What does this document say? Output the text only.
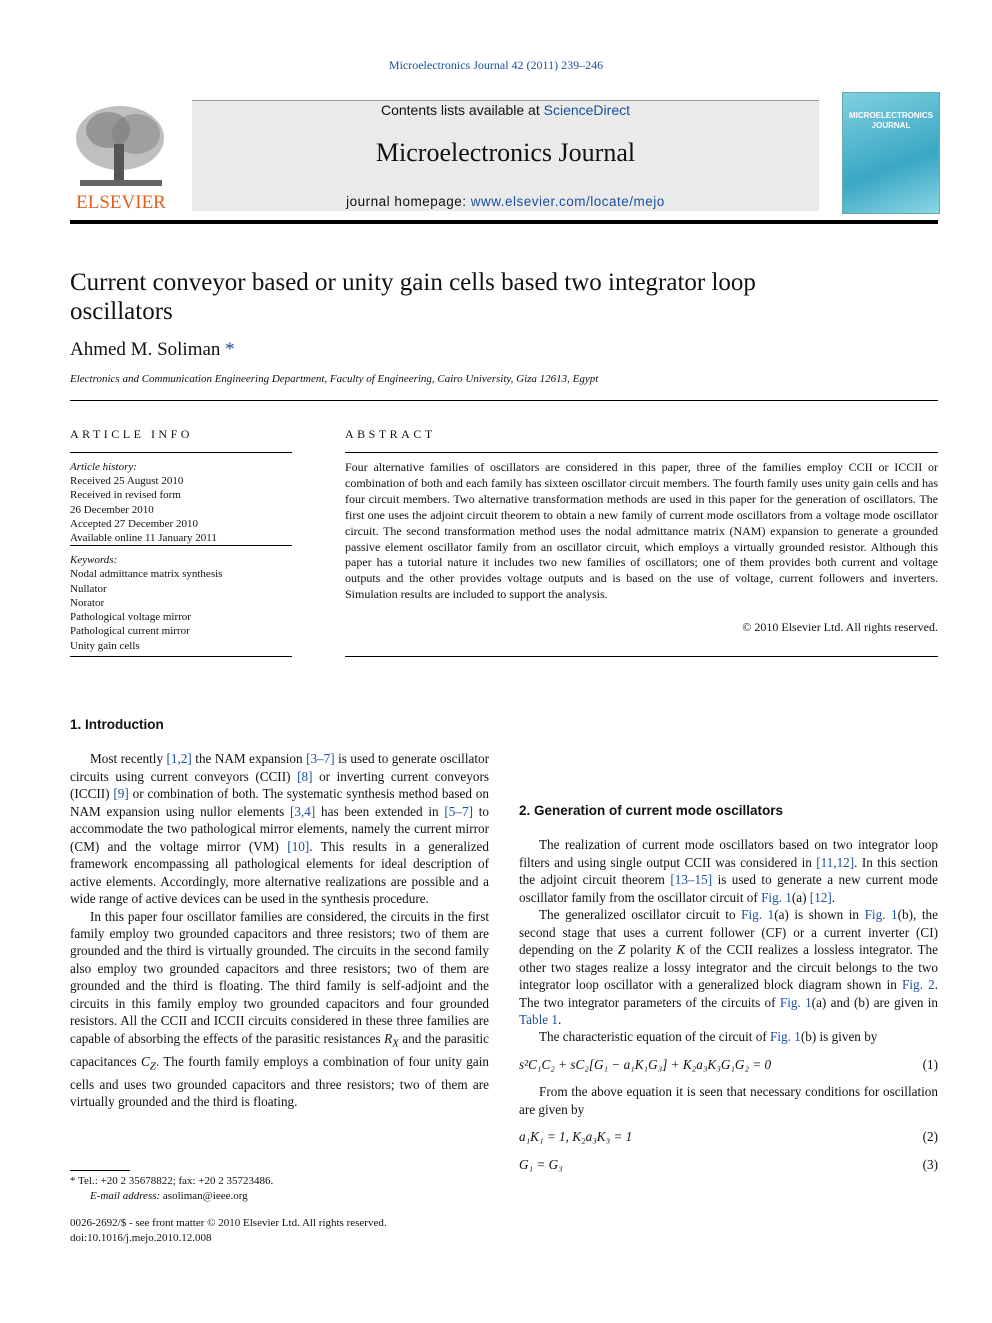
Microelectronics Journal 42 (2011) 239–246
ELSEVIER
Contents lists available at ScienceDirect
Microelectronics Journal
journal homepage: www.elsevier.com/locate/mejo
MICROELECTRONICS JOURNAL
Current conveyor based or unity gain cells based two integrator loop oscillators
Ahmed M. Soliman *
Electronics and Communication Engineering Department, Faculty of Engineering, Cairo University, Giza 12613, Egypt
ARTICLE INFO	ABSTRACT
Article history:
Received 25 August 2010
Received in revised form
26 December 2010
Accepted 27 December 2010
Available online 11 January 2011
Keywords:
Nodal admittance matrix synthesis
Nullator
Norator
Pathological voltage mirror
Pathological current mirror
Unity gain cells
Four alternative families of oscillators are considered in this paper, three of the families employ CCII or ICCII or combination of both and each family has sixteen oscillator circuit members. The fourth family uses unity gain cells and has four circuit members. Two alternative transformation methods are used in this paper for the generation of oscillators. The first one uses the adjoint circuit theorem to obtain a new family of current mode oscillators from a voltage mode oscillator circuit. The second transformation method uses the nodal admittance matrix (NAM) expansion to generate a grounded passive element oscillator family from an oscillator circuit, which employs a virtually grounded resistor. Although this paper has a tutorial nature it includes two new families of oscillators; one of them provides both current and voltage outputs and the other provides voltage outputs and is based on the use of voltage, current followers and inverters. Simulation results are included to support the analysis.
© 2010 Elsevier Ltd. All rights reserved.
1. Introduction

Most recently [1,2] the NAM expansion [3–7] is used to generate oscillator circuits using current conveyors (CCII) [8] or inverting current conveyors (ICCII) [9] or combination of both. The systematic synthesis method based on NAM expansion using nullor elements [3,4] has been extended in [5–7] to accommodate the two pathological mirror elements, namely the current mirror (CM) and the voltage mirror (VM) [10]. This results in a generalized framework encompassing all pathological elements for ideal description of active elements. Accordingly, more alternative realizations are possible and a wide range of active devices can be used in the synthesis procedure.

In this paper four oscillator families are considered, the circuits in the first family employ two grounded capacitors and three resistors; two of them are grounded and the third is virtually grounded. The circuits in the second family also employ two grounded capacitors and three resistors; two of them are grounded and the third is floating. The third family is self-adjoint and the circuits in this family employ two grounded capacitors and four grounded resistors. All the CCII and ICCII circuits considered in these three families are capable of absorbing the effects of the parasitic resistances $R_X$ and the parasitic capacitances $C_Z$. The fourth family employs a combination of four unity gain cells and uses two grounded capacitors and three resistors; two of them are virtually grounded and the third is floating.

2. Generation of current mode oscillators

The realization of current mode oscillators based on two integrator loop filters and using single output CCII was considered in [11,12]. In this section the adjoint circuit theorem [13–15] is used to generate a new current mode oscillator family from the oscillator circuit of Fig. 1(a) [12].

The generalized oscillator circuit to Fig. 1(a) is shown in Fig. 1(b), the second stage that uses a current follower (CF) or a current inverter (CI) depending on the Z polarity K of the CCII realizes a lossless integrator. The other two stages realize a lossy integrator and the circuit belongs to the two integrator loop oscillator with a generalized block diagram shown in Fig. 2. The two integrator parameters of the circuits of Fig. 1(a) and (b) are given in Table 1.

The characteristic equation of the circuit of Fig. 1(b) is given by

s²C₁C₂ + sC₂[G₁ − a₁K₁G₃] + K₂a₃K₃G₁G₂ = 0	(1)

From the above equation it is seen that necessary conditions for oscillation are given by

a₁K₁ = 1, K₂a₃K₃ = 1	(2)
G₁ = G₃	(3)
* Tel.: +20 2 35678822; fax: +20 2 35723486.
E-mail address: asoliman@ieee.org
0026-2692/$ - see front matter © 2010 Elsevier Ltd. All rights reserved.
doi:10.1016/j.mejo.2010.12.008
